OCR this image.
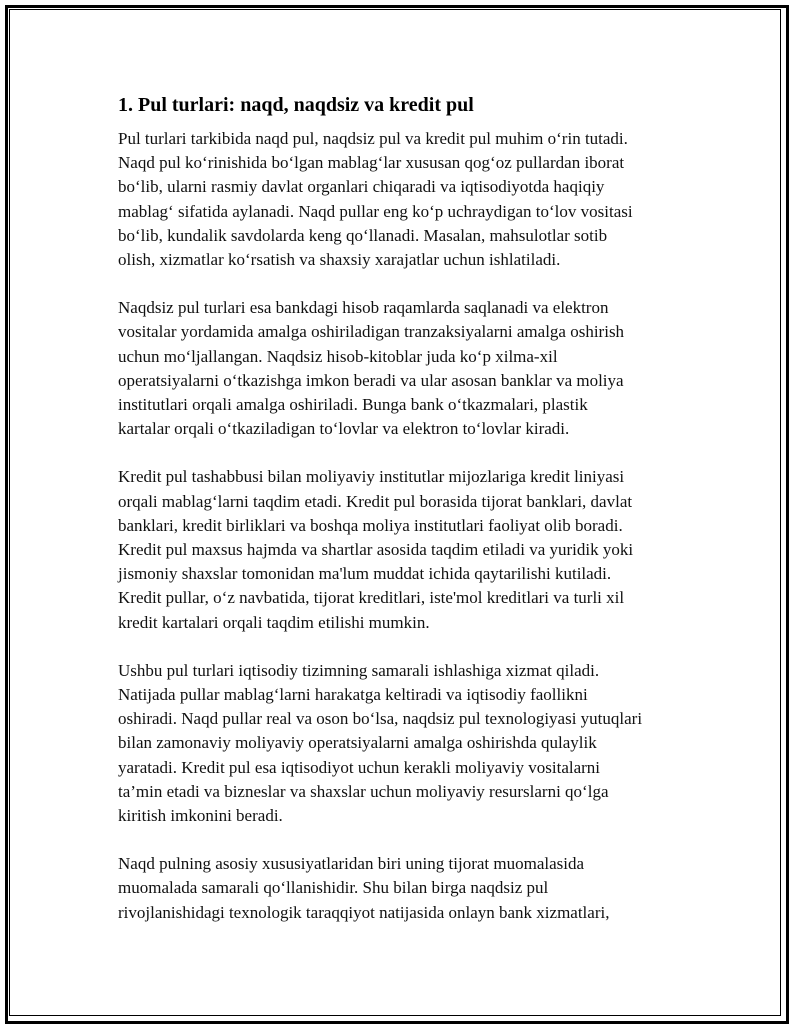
1. Pul turlari: naqd, naqdsiz va kredit pul

Pul turlari tarkibida naqd pul, naqdsiz pul va kredit pul muhim o‘rin tutadi.
Naqd pul ko‘rinishida bo‘lgan mablag‘lar xususan qog‘oz pullardan iborat
bo‘lib, ularni rasmiy davlat organlari chiqaradi va iqtisodiyotda haqiqiy
mablag‘ sifatida aylanadi. Naqd pullar eng ko‘p uchraydigan to‘lov vositasi
bo‘lib, kundalik savdolarda keng qo‘llanadi. Masalan, mahsulotlar sotib
olish, xizmatlar ko‘rsatish va shaxsiy xarajatlar uchun ishlatiladi.

Naqdsiz pul turlari esa bankdagi hisob raqamlarda saqlanadi va elektron
vositalar yordamida amalga oshiriladigan tranzaksiyalarni amalga oshirish
uchun mo‘ljallangan. Naqdsiz hisob-kitoblar juda ko‘p xilma-xil
operatsiyalarni o‘tkazishga imkon beradi va ular asosan banklar va moliya
institutlari orqali amalga oshiriladi. Bunga bank o‘tkazmalari, plastik
kartalar orqali o‘tkaziladigan to‘lovlar va elektron to‘lovlar kiradi.

Kredit pul tashabbusi bilan moliyaviy institutlar mijozlariga kredit liniyasi
orqali mablag‘larni taqdim etadi. Kredit pul borasida tijorat banklari, davlat
banklari, kredit birliklari va boshqa moliya institutlari faoliyat olib boradi.
Kredit pul maxsus hajmda va shartlar asosida taqdim etiladi va yuridik yoki
jismoniy shaxslar tomonidan ma'lum muddat ichida qaytarilishi kutiladi.
Kredit pullar, o‘z navbatida, tijorat kreditlari, iste'mol kreditlari va turli xil
kredit kartalari orqali taqdim etilishi mumkin.

Ushbu pul turlari iqtisodiy tizimning samarali ishlashiga xizmat qiladi.
Natijada pullar mablag‘larni harakatga keltiradi va iqtisodiy faollikni
oshiradi. Naqd pullar real va oson bo‘lsa, naqdsiz pul texnologiyasi yutuqlari
bilan zamonaviy moliyaviy operatsiyalarni amalga oshirishda qulaylik
yaratadi. Kredit pul esa iqtisodiyot uchun kerakli moliyaviy vositalarni
ta’min etadi va bizneslar va shaxslar uchun moliyaviy resurslarni qo‘lga
kiritish imkonini beradi.

Naqd pulning asosiy xususiyatlaridan biri uning tijorat muomalasida
muomalada samarali qo‘llanishidir. Shu bilan birga naqdsiz pul
rivojlanishidagi texnologik taraqqiyot natijasida onlayn bank xizmatlari,
